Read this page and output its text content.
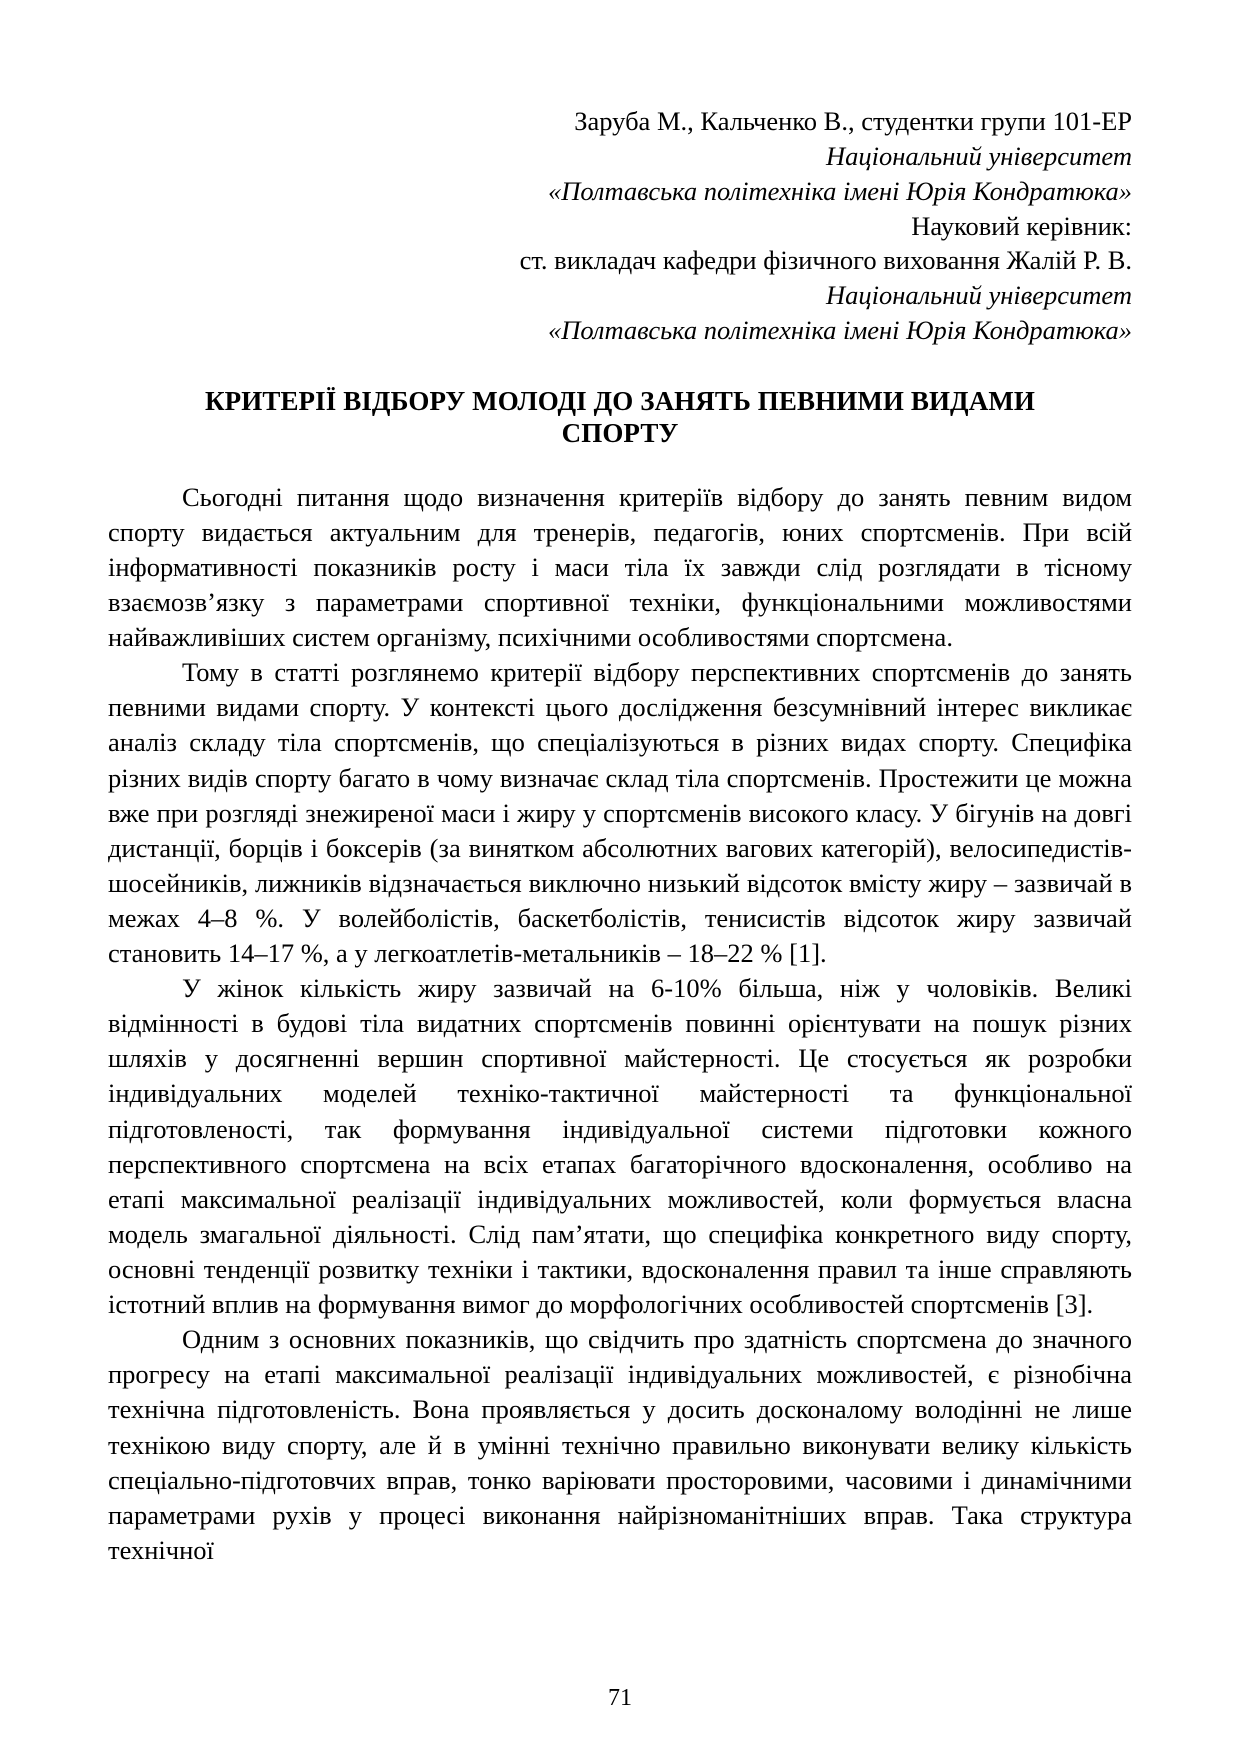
Заруба М., Кальченко В., студентки групи 101-ЕР
Національний університет
«Полтавська політехніка імені Юрія Кондратюка»
Науковий керівник:
ст. викладач кафедри фізичного виховання Жалій Р. В.
Національний університет
«Полтавська політехніка імені Юрія Кондратюка»
КРИТЕРІЇ ВІДБОРУ МОЛОДІ ДО ЗАНЯТЬ ПЕВНИМИ ВИДАМИ
СПОРТУ

Сьогодні питання щодо визначення критеріїв відбору до занять певним видом спорту видається актуальним для тренерів, педагогів, юних спортсменів. При всій інформативності показників росту і маси тіла їх завжди слід розглядати в тісному взаємозв’язку з параметрами спортивної техніки, функціональними можливостями найважливіших систем організму, психічними особливостями спортсмена.

Тому в статті розглянемо критерії відбору перспективних спортсменів до занять певними видами спорту. У контексті цього дослідження безсумнівний інтерес викликає аналіз складу тіла спортсменів, що спеціалізуються в різних видах спорту. Специфіка різних видів спорту багато в чому визначає склад тіла спортсменів. Простежити це можна вже при розгляді знежиреної маси і жиру у спортсменів високого класу. У бігунів на довгі дистанції, борців і боксерів (за винятком абсолютних вагових категорій), велосипедистів-шосейників, лижників відзначається виключно низький відсоток вмісту жиру – зазвичай в межах 4–8 %. У волейболістів, баскетболістів, тенисистів відсоток жиру зазвичай становить 14–17 %, а у легкоатлетів-метальників – 18–22 % [1].

У жінок кількість жиру зазвичай на 6-10% більша, ніж у чоловіків. Великі відмінності в будові тіла видатних спортсменів повинні орієнтувати на пошук різних шляхів у досягненні вершин спортивної майстерності. Це стосується як розробки індивідуальних моделей техніко-тактичної майстерності та функціональної підготовленості, так формування індивідуальної системи підготовки кожного перспективного спортсмена на всіх етапах багаторічного вдосконалення, особливо на етапі максимальної реалізації індивідуальних можливостей, коли формується власна модель змагальної діяльності. Слід пам’ятати, що специфіка конкретного виду спорту, основні тенденції розвитку техніки і тактики, вдосконалення правил та інше справляють істотний вплив на формування вимог до морфологічних особливостей спортсменів [3].

Одним з основних показників, що свідчить про здатність спортсмена до значного прогресу на етапі максимальної реалізації індивідуальних можливостей, є різнобічна технічна підготовленість. Вона проявляється у досить досконалому володінні не лише технікою виду спорту, але й в умінні технічно правильно виконувати велику кількість спеціально-підготовчих вправ, тонко варіювати просторовими, часовими і динамічними параметрами рухів у процесі виконання найрізноманітніших вправ. Така структура технічної

71
